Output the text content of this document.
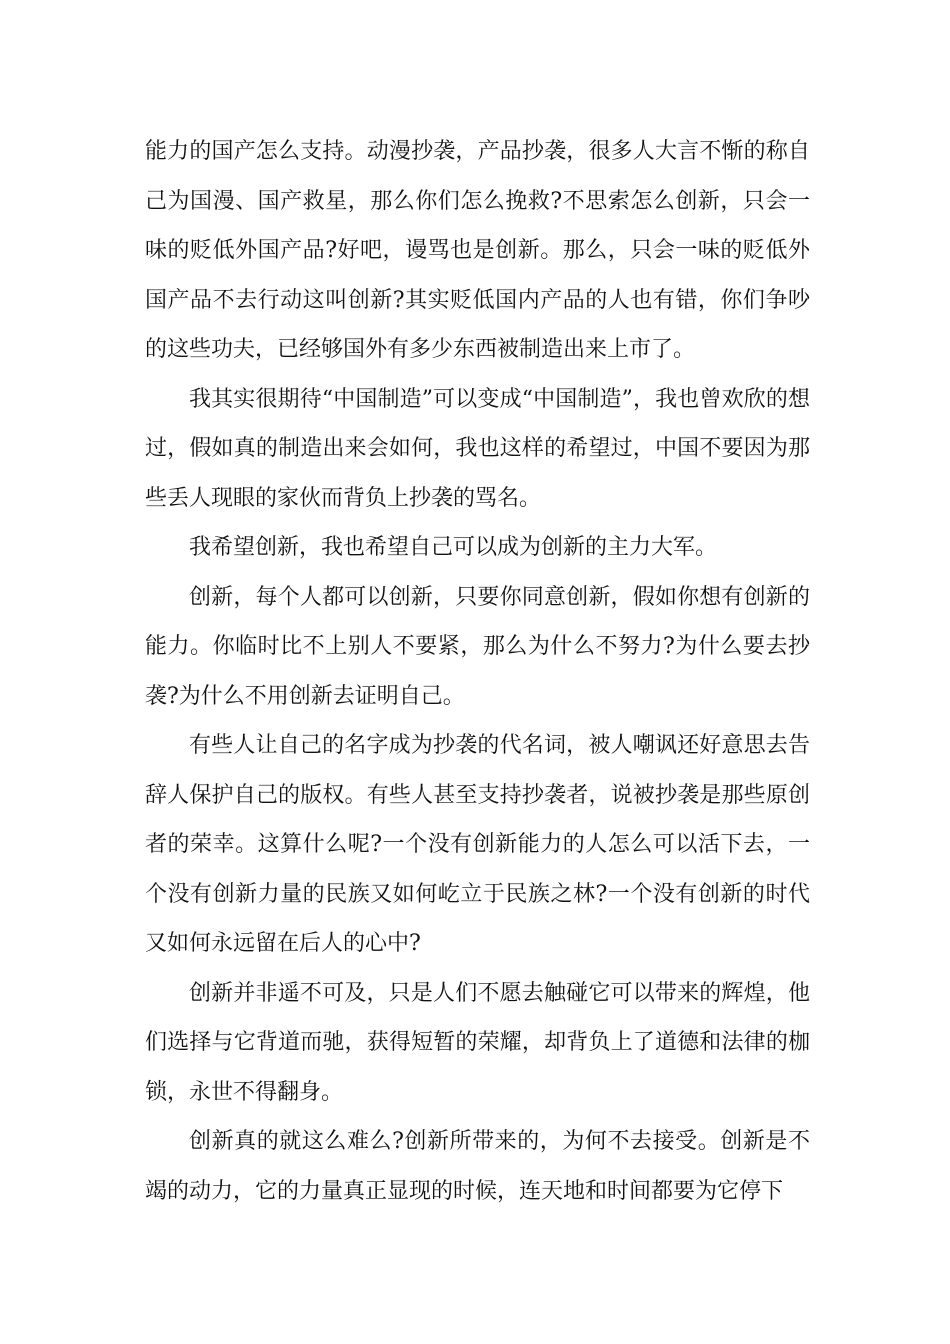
能力的国产怎么支持。动漫抄袭，产品抄袭，很多人大言不惭的称自己为国漫、国产救星，那么你们怎么挽救?不思索怎么创新，只会一味的贬低外国产品?好吧，谩骂也是创新。那么，只会一味的贬低外国产品不去行动这叫创新?其实贬低国内产品的人也有错，你们争吵的这些功夫，已经够国外有多少东西被制造出来上市了。

我其实很期待“中国制造”可以变成“中国制造”，我也曾欢欣的想过，假如真的制造出来会如何，我也这样的希望过，中国不要因为那些丢人现眼的家伙而背负上抄袭的骂名。

我希望创新，我也希望自己可以成为创新的主力大军。

创新，每个人都可以创新，只要你同意创新，假如你想有创新的能力。你临时比不上别人不要紧，那么为什么不努力?为什么要去抄袭?为什么不用创新去证明自己。

有些人让自己的名字成为抄袭的代名词，被人嘲讽还好意思去告辞人保护自己的版权。有些人甚至支持抄袭者，说被抄袭是那些原创者的荣幸。这算什么呢?一个没有创新能力的人怎么可以活下去，一个没有创新力量的民族又如何屹立于民族之林?一个没有创新的时代又如何永远留在后人的心中?

创新并非遥不可及，只是人们不愿去触碰它可以带来的辉煌，他们选择与它背道而驰，获得短暂的荣耀，却背负上了道德和法律的枷锁，永世不得翻身。

创新真的就这么难么?创新所带来的，为何不去接受。创新是不竭的动力，它的力量真正显现的时候，连天地和时间都要为它停下
